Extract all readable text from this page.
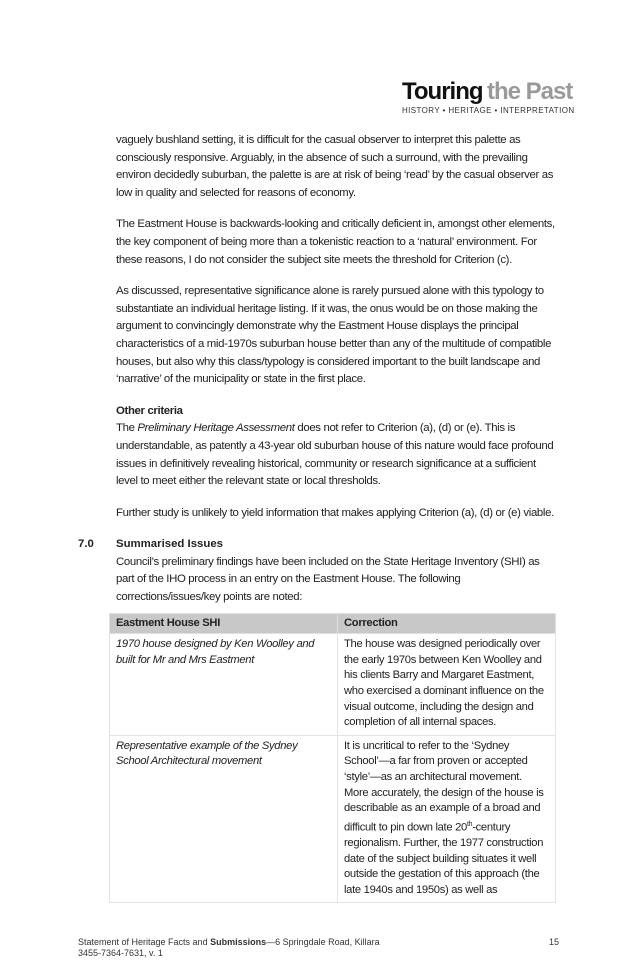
Touring the Past
HISTORY • HERITAGE • INTERPRETATION
vaguely bushland setting, it is difficult for the casual observer to interpret this palette as consciously responsive. Arguably, in the absence of such a surround, with the prevailing environ decidedly suburban, the palette is are at risk of being ‘read’ by the casual observer as low in quality and selected for reasons of economy.
The Eastment House is backwards-looking and critically deficient in, amongst other elements, the key component of being more than a tokenistic reaction to a ‘natural’ environment. For these reasons, I do not consider the subject site meets the threshold for Criterion (c).
As discussed, representative significance alone is rarely pursued alone with this typology to substantiate an individual heritage listing. If it was, the onus would be on those making the argument to convincingly demonstrate why the Eastment House displays the principal characteristics of a mid-1970s suburban house better than any of the multitude of compatible houses, but also why this class/typology is considered important to the built landscape and ‘narrative’ of the municipality or state in the first place.
Other criteria
The Preliminary Heritage Assessment does not refer to Criterion (a), (d) or (e). This is understandable, as patently a 43-year old suburban house of this nature would face profound issues in definitively revealing historical, community or research significance at a sufficient level to meet either the relevant state or local thresholds.
Further study is unlikely to yield information that makes applying Criterion (a), (d) or (e) viable.
7.0 Summarised Issues
Council’s preliminary findings have been included on the State Heritage Inventory (SHI) as part of the IHO process in an entry on the Eastment House. The following corrections/issues/key points are noted:
Eastment House SHI	Correction
1970 house designed by Ken Woolley and built for Mr and Mrs Eastment	The house was designed periodically over the early 1970s between Ken Woolley and his clients Barry and Margaret Eastment, who exercised a dominant influence on the visual outcome, including the design and completion of all internal spaces.
Representative example of the Sydney School Architectural movement	It is uncritical to refer to the ‘Sydney School’—a far from proven or accepted ‘style’—as an architectural movement. More accurately, the design of the house is describable as an example of a broad and difficult to pin down late 20th-century regionalism. Further, the 1977 construction date of the subject building situates it well outside the gestation of this approach (the late 1940s and 1950s) as well as
Statement of Heritage Facts and Submissions—6 Springdale Road, Killara
3455-7364-7631, v. 1
15
